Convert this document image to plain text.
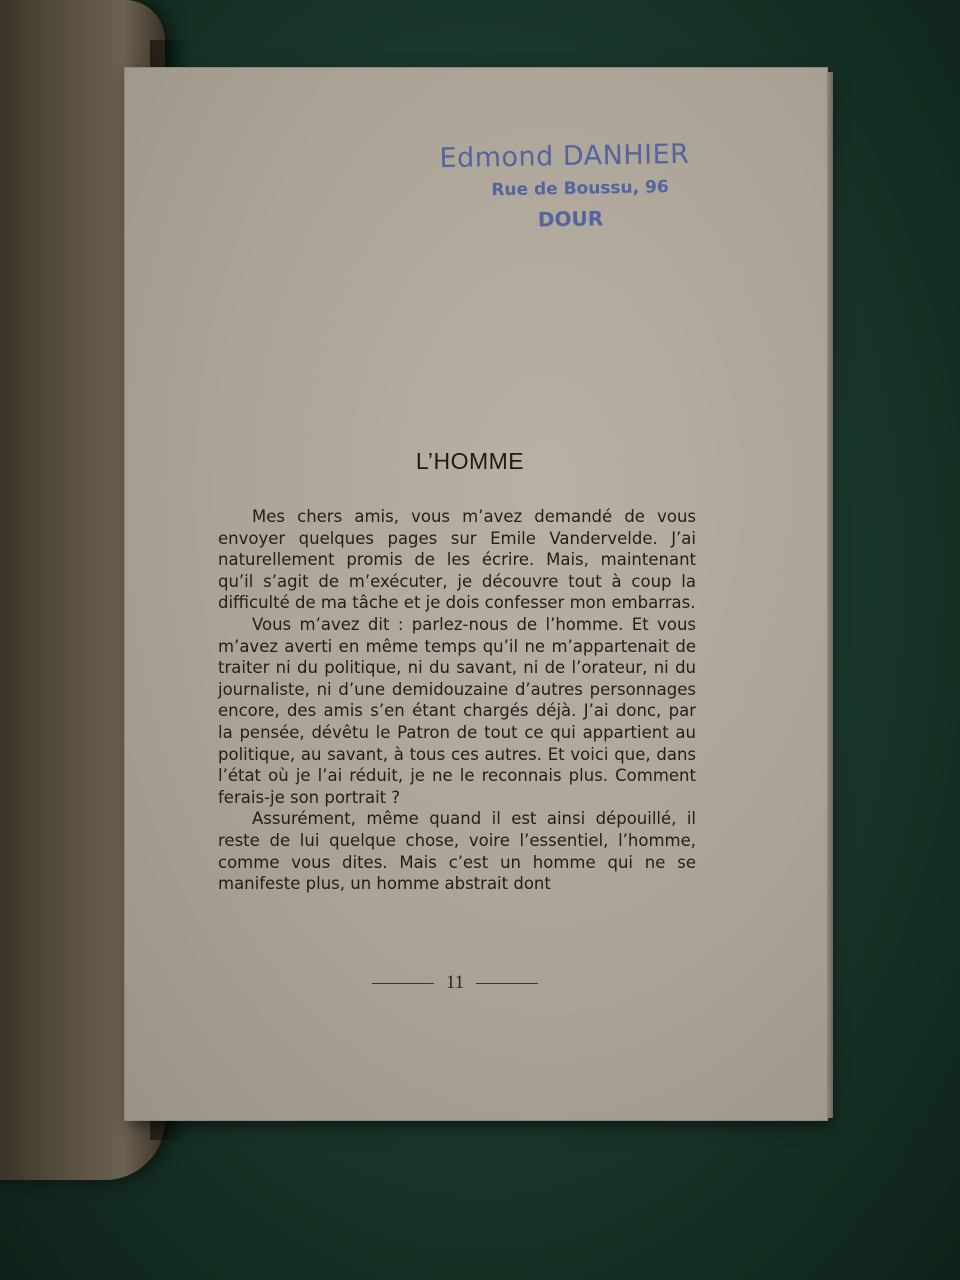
Edmond DANHIER
Rue de Boussu, 96
DOUR
L’HOMME

Mes chers amis, vous m’avez demandé de vous envoyer quelques pages sur Emile Vandervelde. J’ai naturellement promis de les écrire. Mais, maintenant qu’il s’agit de m’exécuter, je découvre tout à coup la difficulté de ma tâche et je dois confesser mon embarras.

Vous m’avez dit : parlez-nous de l’homme. Et vous m’avez averti en même temps qu’il ne m’appartenait de traiter ni du politique, ni du savant, ni de l’orateur, ni du journaliste, ni d’une demidouzaine d’autres personnages encore, des amis s’en étant chargés déjà. J’ai donc, par la pensée, dévêtu le Patron de tout ce qui appartient au politique, au savant, à tous ces autres. Et voici que, dans l’état où je l’ai réduit, je ne le reconnais plus. Comment ferais-je son portrait ?

Assurément, même quand il est ainsi dépouillé, il reste de lui quelque chose, voire l’essentiel, l’homme, comme vous dites. Mais c’est un homme qui ne se manifeste plus, un homme abstrait dont

11
